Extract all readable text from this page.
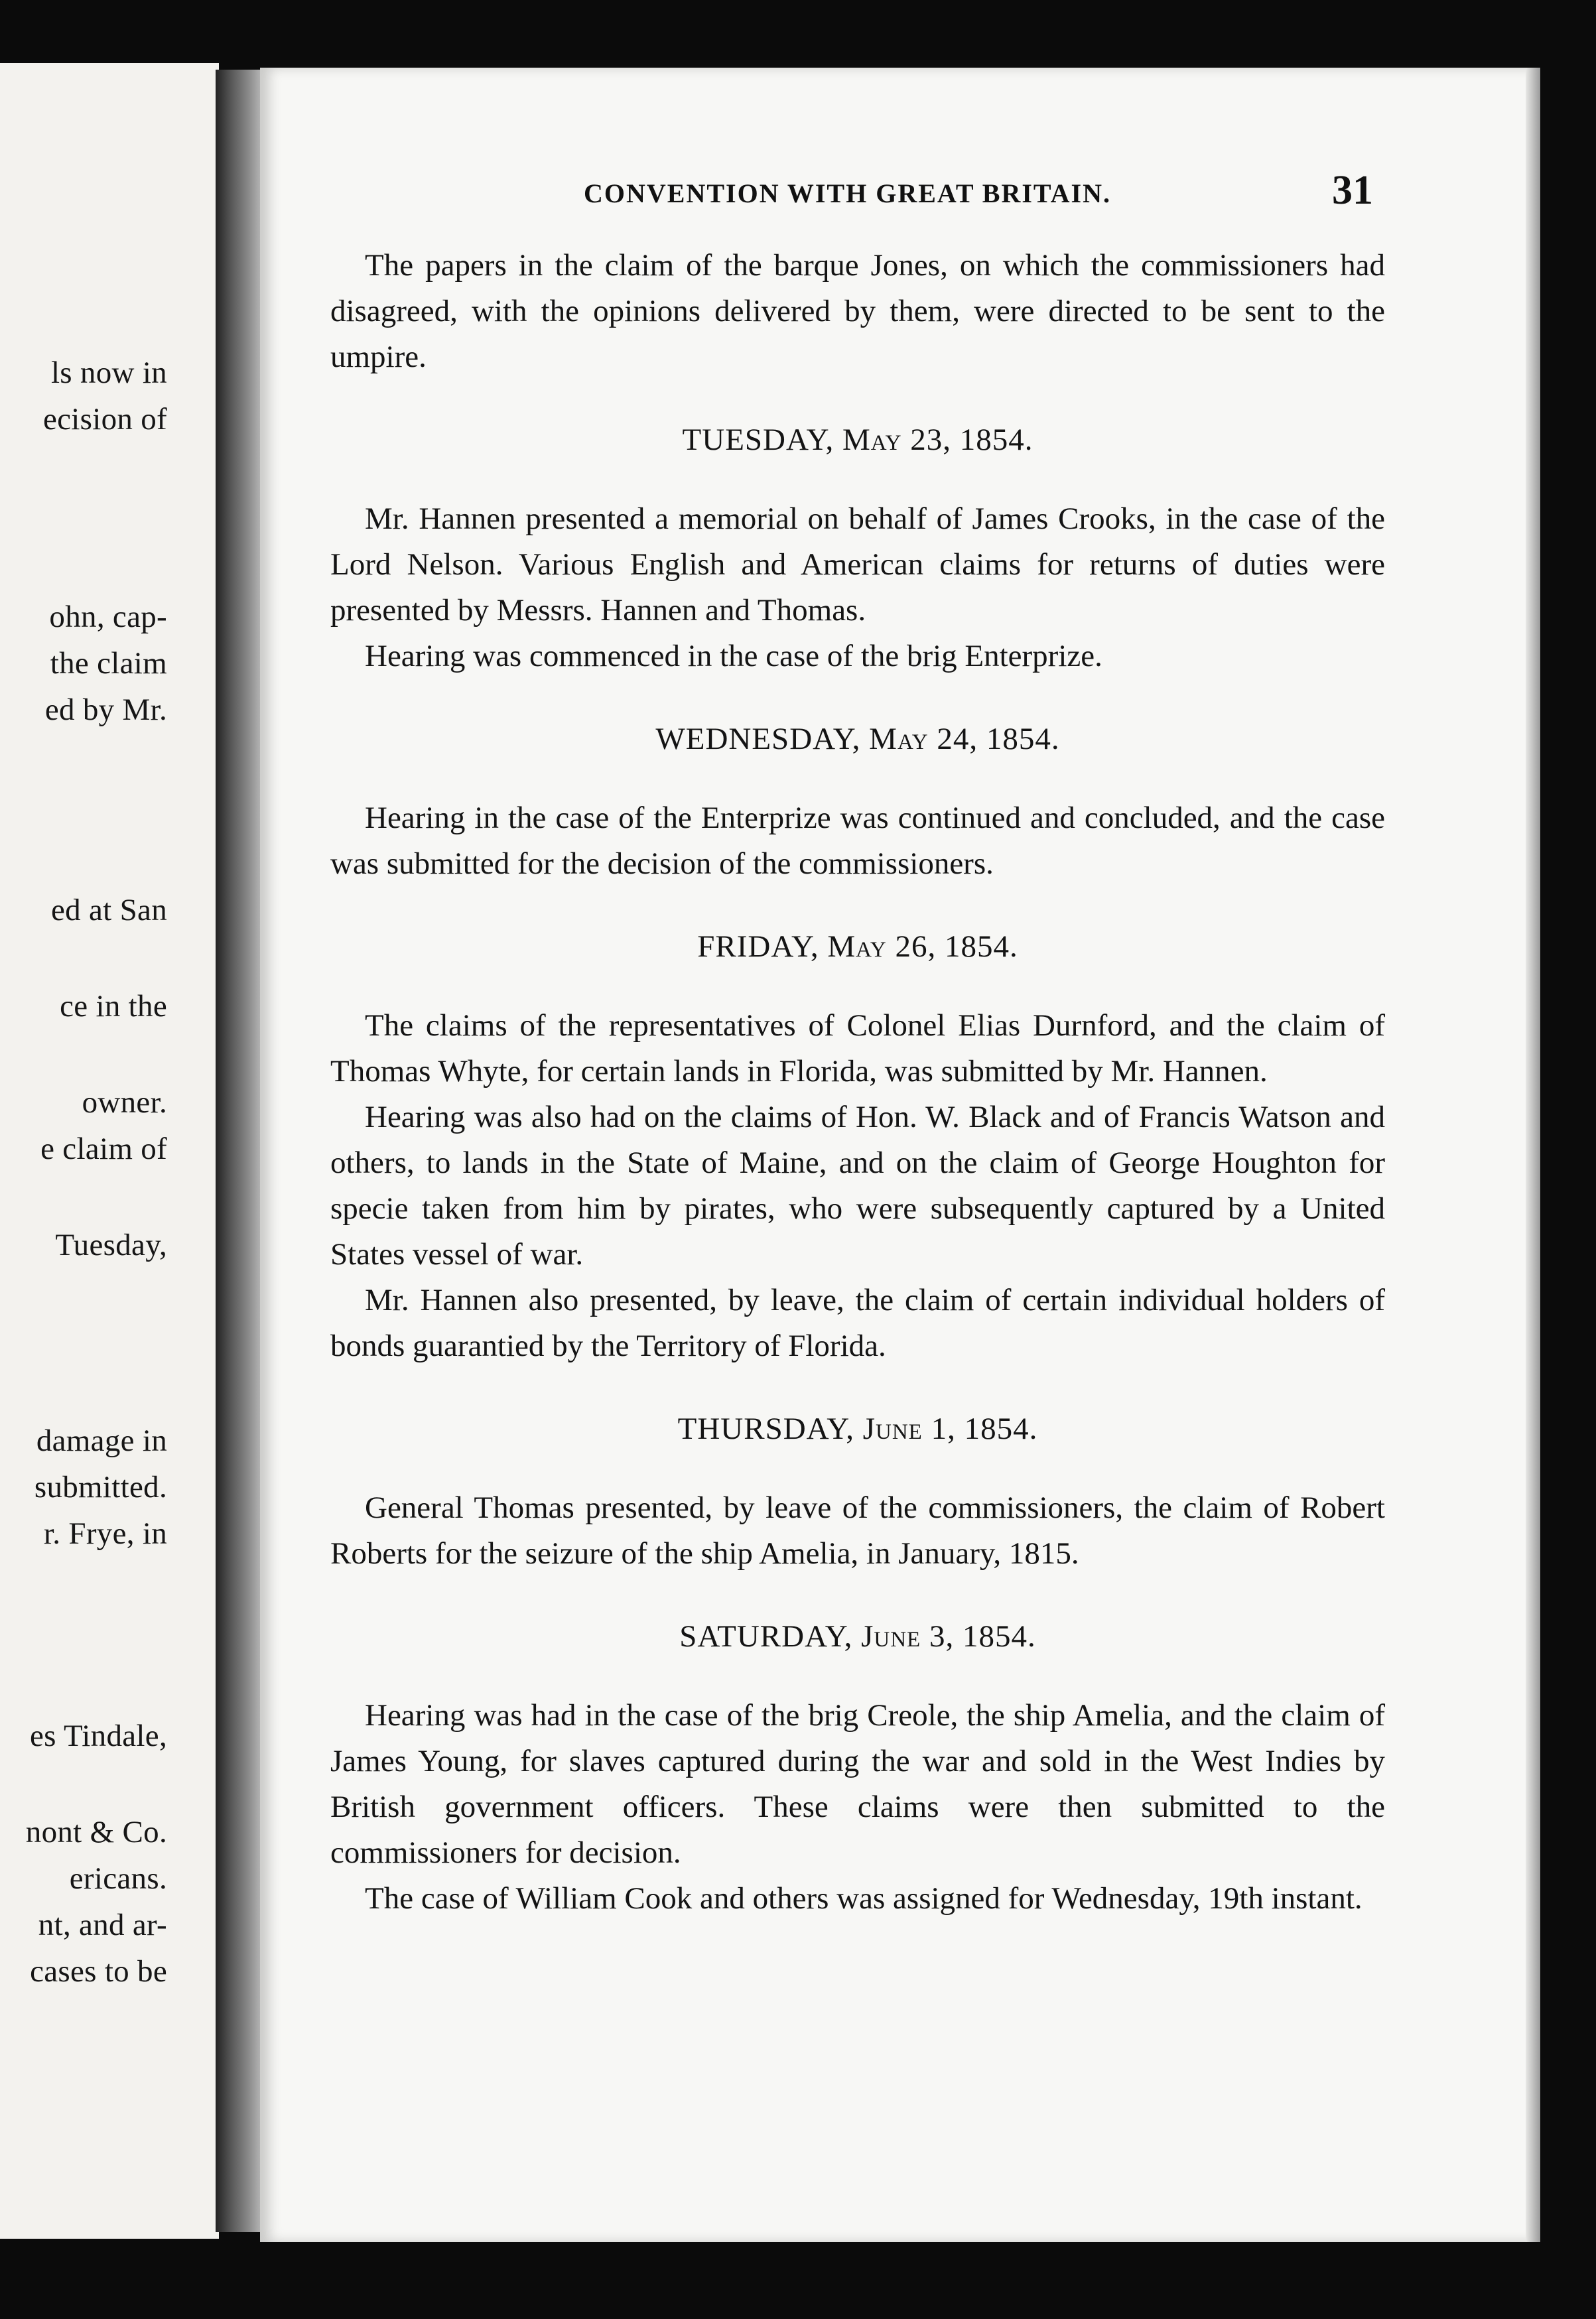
ls now in
ecision of
ohn, cap-
the claim
ed by Mr.
ed at San
ce in the
owner.
e claim of
Tuesday,
damage in
submitted.
r. Frye, in
es Tindale,
nont & Co.
ericans.
nt, and ar-
cases to be
CONVENTION WITH GREAT BRITAIN.	31

The papers in the claim of the barque Jones, on which the commissioners had disagreed, with the opinions delivered by them, were directed to be sent to the umpire.

TUESDAY, May 23, 1854.

Mr. Hannen presented a memorial on behalf of James Crooks, in the case of the Lord Nelson. Various English and American claims for returns of duties were presented by Messrs. Hannen and Thomas.

Hearing was commenced in the case of the brig Enterprize.

WEDNESDAY, May 24, 1854.

Hearing in the case of the Enterprize was continued and concluded, and the case was submitted for the decision of the commissioners.

FRIDAY, May 26, 1854.

The claims of the representatives of Colonel Elias Durnford, and the claim of Thomas Whyte, for certain lands in Florida, was submitted by Mr. Hannen.

Hearing was also had on the claims of Hon. W. Black and of Francis Watson and others, to lands in the State of Maine, and on the claim of George Houghton for specie taken from him by pirates, who were subsequently captured by a United States vessel of war.

Mr. Hannen also presented, by leave, the claim of certain individual holders of bonds guarantied by the Territory of Florida.

THURSDAY, June 1, 1854.

General Thomas presented, by leave of the commissioners, the claim of Robert Roberts for the seizure of the ship Amelia, in January, 1815.

SATURDAY, June 3, 1854.

Hearing was had in the case of the brig Creole, the ship Amelia, and the claim of James Young, for slaves captured during the war and sold in the West Indies by British government officers. These claims were then submitted to the commissioners for decision.

The case of William Cook and others was assigned for Wednesday, 19th instant.
